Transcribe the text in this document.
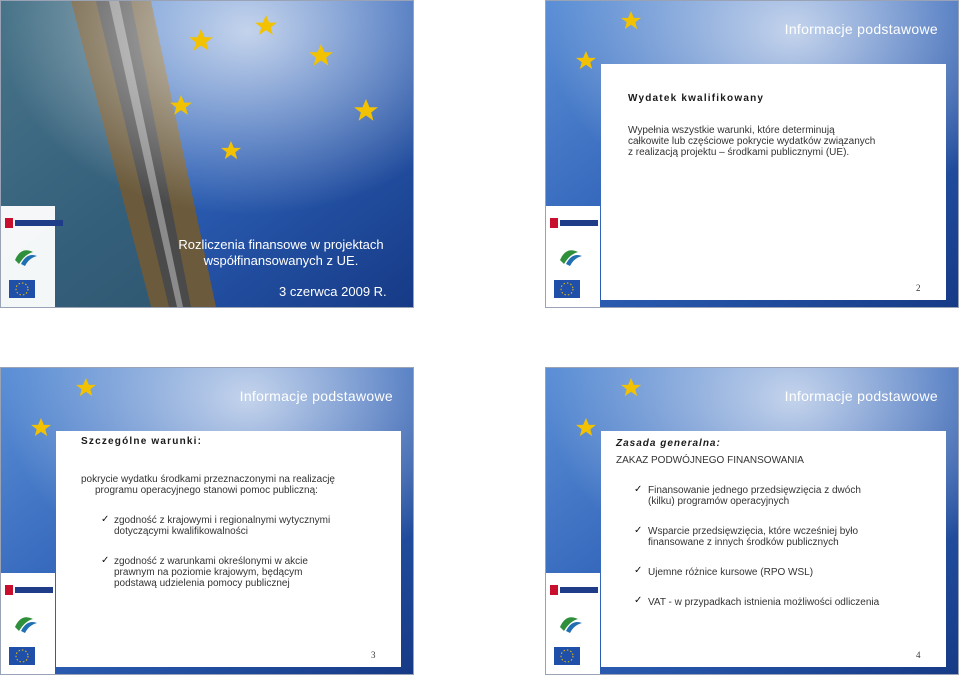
Rozliczenia finansowe w projektach
współfinansowanych z UE.
3 czerwca 2009 R.
Informacje podstawowe
Wydatek kwalifikowany
Wypełnia wszystkie warunki, które determinują
całkowite lub częściowe pokrycie wydatków związanych
z realizacją projektu – środkami publicznymi (UE).
2
Informacje podstawowe
Szczególne warunki:
pokrycie wydatku środkami przeznaczonymi na realizację
programu operacyjnego stanowi pomoc publiczną:
✓ zgodność z krajowymi i regionalnymi wytycznymi
dotyczącymi kwalifikowalności
✓ zgodność z warunkami określonymi w akcie
prawnym na poziomie krajowym, będącym
podstawą udzielenia pomocy publicznej
3
Informacje podstawowe
Zasada generalna:
ZAKAZ PODWÓJNEGO FINANSOWANIA
✓ Finansowanie jednego przedsięwzięcia z dwóch
(kilku) programów operacyjnych
✓ Wsparcie przedsięwzięcia, które wcześniej było
finansowane z innych środków publicznych
✓ Ujemne różnice kursowe (RPO WSL)
✓ VAT - w przypadkach istnienia możliwości odliczenia
4
